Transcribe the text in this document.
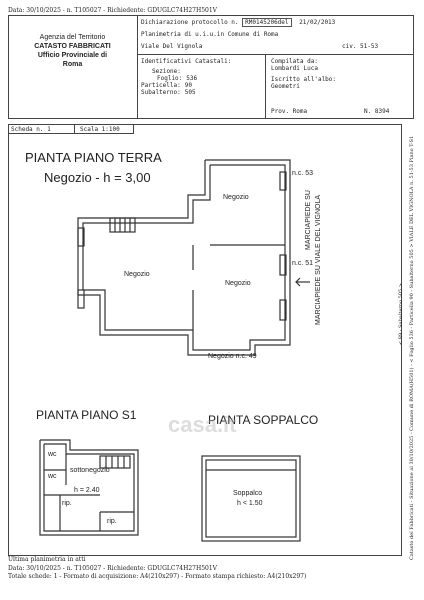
Data: 30/10/2025 - n. T105027 - Richiedente: GDUGLC74H27H501V
Agenzia del Territorio
CATASTO FABBRICATI
Ufficio Provinciale di
Roma
Dichiarazione protocollo n. RM0145206del 21/02/2013
Planimetria di u.i.u.in Comune di Roma
Viale Del Vignola	civ. 51-53
Identificativi Catastali:
Sezione:
Foglio: 536
Particella: 90
Subalterno: 505
Compilata da:
Lombardi Luca
Iscritto all'albo:
Geometri
Prov. Roma	N. 8394
Scheda n. 1	Scala 1:100
PIANTA PIANO TERRA
Negozio - h = 3,00
PIANTA PIANO S1	PIANTA SOPPALCO
Negozio
Negozio
Negozio
Negozio n.c. 49
n.c. 53
n.c. 51
MARCIAPIEDE SU MARCIAPIEDE SU VIALE DEL VIGNOLA
sottonegozio
h = 2.40
wc
wc
rip.
rip.
Soppalco
h < 1.50
casa.it	Catasto dei Fabbricati - Situazione al 30/10/2025 - Comune di ROMA(H501) - < Foglio 536 - Particella 90 - Subalterno 505 > VIALE DEL VIGNOLA n. 51-53 Piano T-S1
< 89 - Subalterno 505 >
Ultima planimetria in atti
Data: 30/10/2025 - n. T105027 - Richiedente: GDUGLC74H27H501V
Totale schede: 1 - Formato di acquisizione: A4(210x297) - Formato stampa richiesto: A4(210x297)
